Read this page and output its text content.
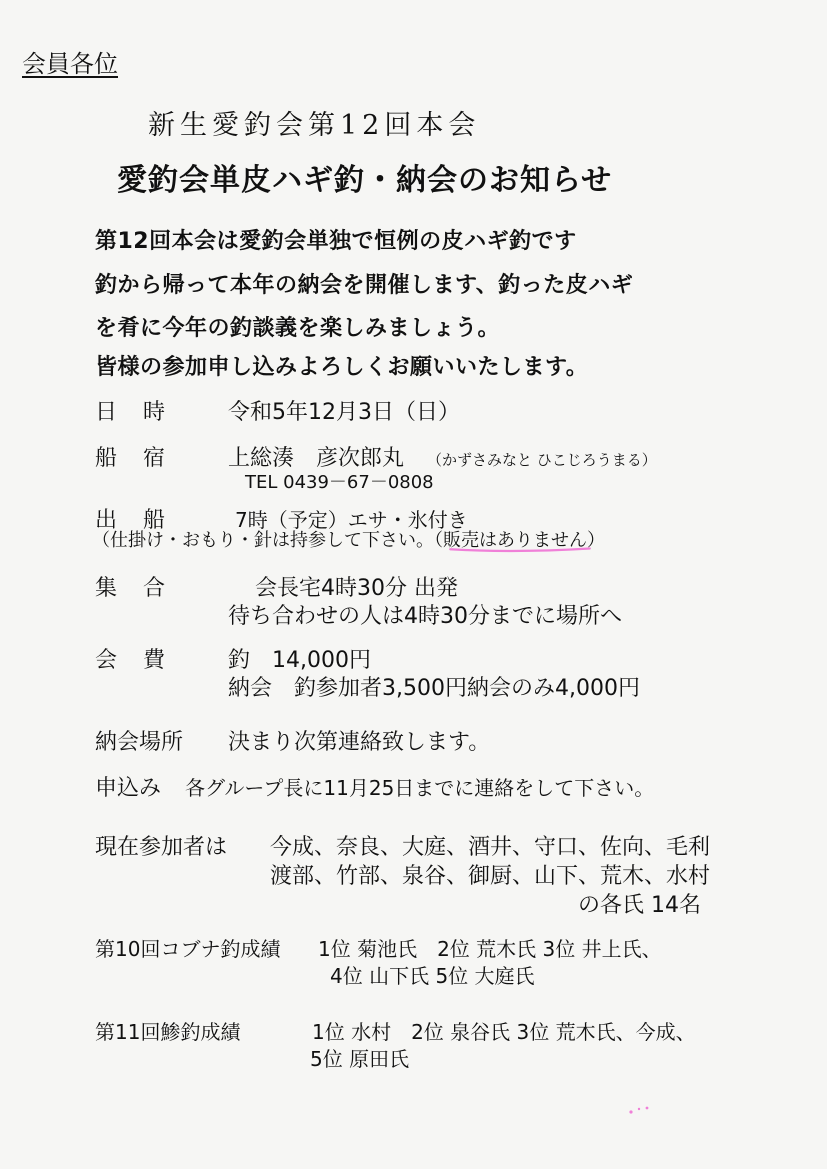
会員各位
新生愛釣会第12回本会
愛釣会単皮ハギ釣・納会のお知らせ
第12回本会は愛釣会単独で恒例の皮ハギ釣です
釣から帰って本年の納会を開催します、釣った皮ハギ
を肴に今年の釣談義を楽しみましょう。
皆様の参加申し込みよろしくお願いいたします。
日　時	令和5年12月3日（日）
船　宿	上総湊　彦次郎丸 （かずさみなと ひこじろうまる）
TEL 0439－67－0808
出　船	7時（予定）エサ・氷付き
（仕掛け・おもり・針は持参して下さい。（販売はありません）
集　合	会長宅4時30分 出発
待ち合わせの人は4時30分までに場所へ
会　費	釣　14,000円
納会　釣参加者3,500円納会のみ4,000円
納会場所 決まり次第連絡致します。
申込み 各グループ長に11月25日までに連絡をして下さい。
現在参加者は 今成、奈良、大庭、酒井、守口、佐向、毛利
渡部、竹部、泉谷、御厨、山下、荒木、水村
の各氏 14名
第10回コブナ釣成績 1位 菊池氏　2位 荒木氏 3位 井上氏、
4位 山下氏 5位 大庭氏
第11回鯵釣成績	1位 水村　2位 泉谷氏 3位 荒木氏、今成、
5位 原田氏
